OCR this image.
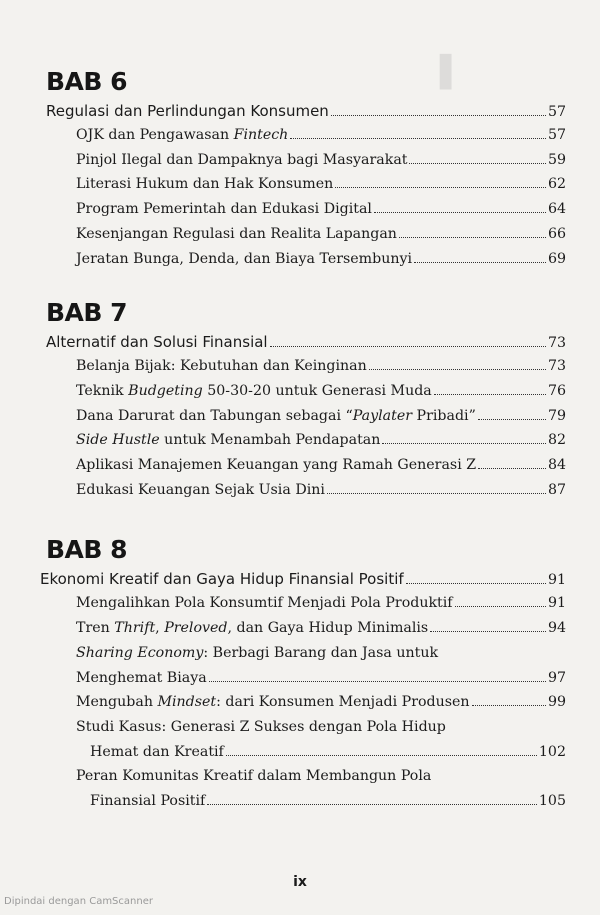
▌
BAB 6
Regulasi dan Perlindungan Konsumen	57
OJK dan Pengawasan Fintech	57
Pinjol Ilegal dan Dampaknya bagi Masyarakat	59
Literasi Hukum dan Hak Konsumen	62
Program Pemerintah dan Edukasi Digital	64
Kesenjangan Regulasi dan Realita Lapangan	66
Jeratan Bunga, Denda, dan Biaya Tersembunyi	69
BAB 7
Alternatif dan Solusi Finansial	73
Belanja Bijak: Kebutuhan dan Keinginan	73
Teknik Budgeting 50-30-20 untuk Generasi Muda	76
Dana Darurat dan Tabungan sebagai “Paylater Pribadi”	79
Side Hustle untuk Menambah Pendapatan	82
Aplikasi Manajemen Keuangan yang Ramah Generasi Z	84
Edukasi Keuangan Sejak Usia Dini	87
BAB 8
Ekonomi Kreatif dan Gaya Hidup Finansial Positif	91
Mengalihkan Pola Konsumtif Menjadi Pola Produktif	91
Tren Thrift, Preloved, dan Gaya Hidup Minimalis	94
Sharing Economy: Berbagi Barang dan Jasa untuk
Menghemat Biaya	97
Mengubah Mindset: dari Konsumen Menjadi Produsen	99
Studi Kasus: Generasi Z Sukses dengan Pola Hidup
Hemat dan Kreatif	102
Peran Komunitas Kreatif dalam Membangun Pola
Finansial Positif	105
ix
Dipindai dengan CamScanner
